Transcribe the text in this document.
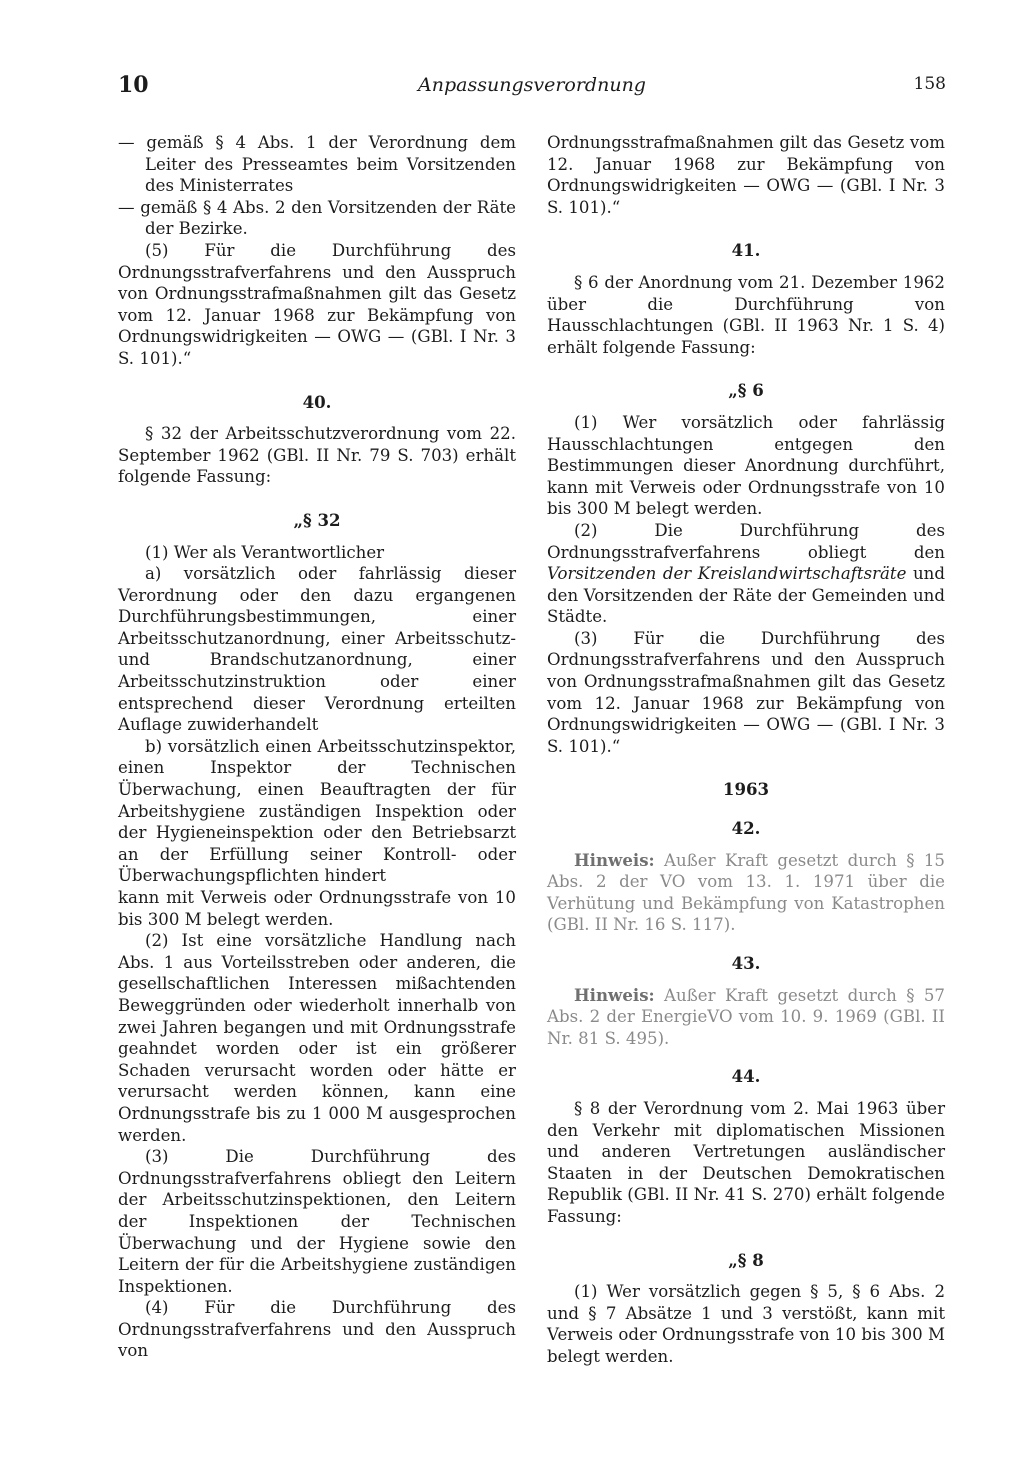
Anpassungsverordnung
10	158

— gemäß § 4 Abs. 1 der Verordnung dem Leiter des Presseamtes beim Vorsitzenden des Ministerrates

— gemäß § 4 Abs. 2 den Vorsitzenden der Räte der Bezirke.

(5) Für die Durchführung des Ordnungsstrafverfahrens und den Ausspruch von Ordnungsstrafmaßnahmen gilt das Gesetz vom 12. Januar 1968 zur Bekämpfung von Ordnungswidrigkeiten — OWG — (GBl. I Nr. 3 S. 101).“

40.

§ 32 der Arbeitsschutzverordnung vom 22. September 1962 (GBl. II Nr. 79 S. 703) erhält folgende Fassung:

„§ 32

(1) Wer als Verantwortlicher

a) vorsätzlich oder fahrlässig dieser Verordnung oder den dazu ergangenen Durchführungsbestimmungen, einer Arbeitsschutzanordnung, einer Arbeitsschutz- und Brandschutzanordnung, einer Arbeitsschutzinstruktion oder einer entsprechend dieser Verordnung erteilten Auflage zuwiderhandelt

b) vorsätzlich einen Arbeitsschutzinspektor, einen Inspektor der Technischen Überwachung, einen Beauftragten der für Arbeitshygiene zuständigen Inspektion oder der Hygieneinspektion oder den Betriebsarzt an der Erfüllung seiner Kontroll- oder Überwachungspflichten hindert

kann mit Verweis oder Ordnungsstrafe von 10 bis 300 M belegt werden.

(2) Ist eine vorsätzliche Handlung nach Abs. 1 aus Vorteilsstreben oder anderen, die gesellschaftlichen Interessen mißachtenden Beweggründen oder wiederholt innerhalb von zwei Jahren begangen und mit Ordnungsstrafe geahndet worden oder ist ein größerer Schaden verursacht worden oder hätte er verursacht werden können, kann eine Ordnungsstrafe bis zu 1 000 M ausgesprochen werden.

(3) Die Durchführung des Ordnungsstrafverfahrens obliegt den Leitern der Arbeitsschutzinspektionen, den Leitern der Inspektionen der Technischen Überwachung und der Hygiene sowie den Leitern der für die Arbeitshygiene zuständigen Inspektionen.

(4) Für die Durchführung des Ordnungsstrafverfahrens und den Ausspruch von

Ordnungsstrafmaßnahmen gilt das Gesetz vom 12. Januar 1968 zur Bekämpfung von Ordnungswidrigkeiten — OWG — (GBl. I Nr. 3 S. 101).“

41.

§ 6 der Anordnung vom 21. Dezember 1962 über die Durchführung von Hausschlachtungen (GBl. II 1963 Nr. 1 S. 4) erhält folgende Fassung:

„§ 6

(1) Wer vorsätzlich oder fahrlässig Hausschlachtungen entgegen den Bestimmungen dieser Anordnung durchführt, kann mit Verweis oder Ordnungsstrafe von 10 bis 300 M belegt werden.

(2) Die Durchführung des Ordnungsstrafverfahrens obliegt den Vorsitzenden der Kreislandwirtschaftsräte und den Vorsitzenden der Räte der Gemeinden und Städte.

(3) Für die Durchführung des Ordnungsstrafverfahrens und den Ausspruch von Ordnungsstrafmaßnahmen gilt das Gesetz vom 12. Januar 1968 zur Bekämpfung von Ordnungswidrigkeiten — OWG — (GBl. I Nr. 3 S. 101).“

1963

42.

Hinweis: Außer Kraft gesetzt durch § 15 Abs. 2 der VO vom 13. 1. 1971 über die Verhütung und Bekämpfung von Katastrophen (GBl. II Nr. 16 S. 117).

43.

Hinweis: Außer Kraft gesetzt durch § 57 Abs. 2 der EnergieVO vom 10. 9. 1969 (GBl. II Nr. 81 S. 495).

44.

§ 8 der Verordnung vom 2. Mai 1963 über den Verkehr mit diplomatischen Missionen und anderen Vertretungen ausländischer Staaten in der Deutschen Demokratischen Republik (GBl. II Nr. 41 S. 270) erhält folgende Fassung:

„§ 8

(1) Wer vorsätzlich gegen § 5, § 6 Abs. 2 und § 7 Absätze 1 und 3 verstößt, kann mit Verweis oder Ordnungsstrafe von 10 bis 300 M belegt werden.
